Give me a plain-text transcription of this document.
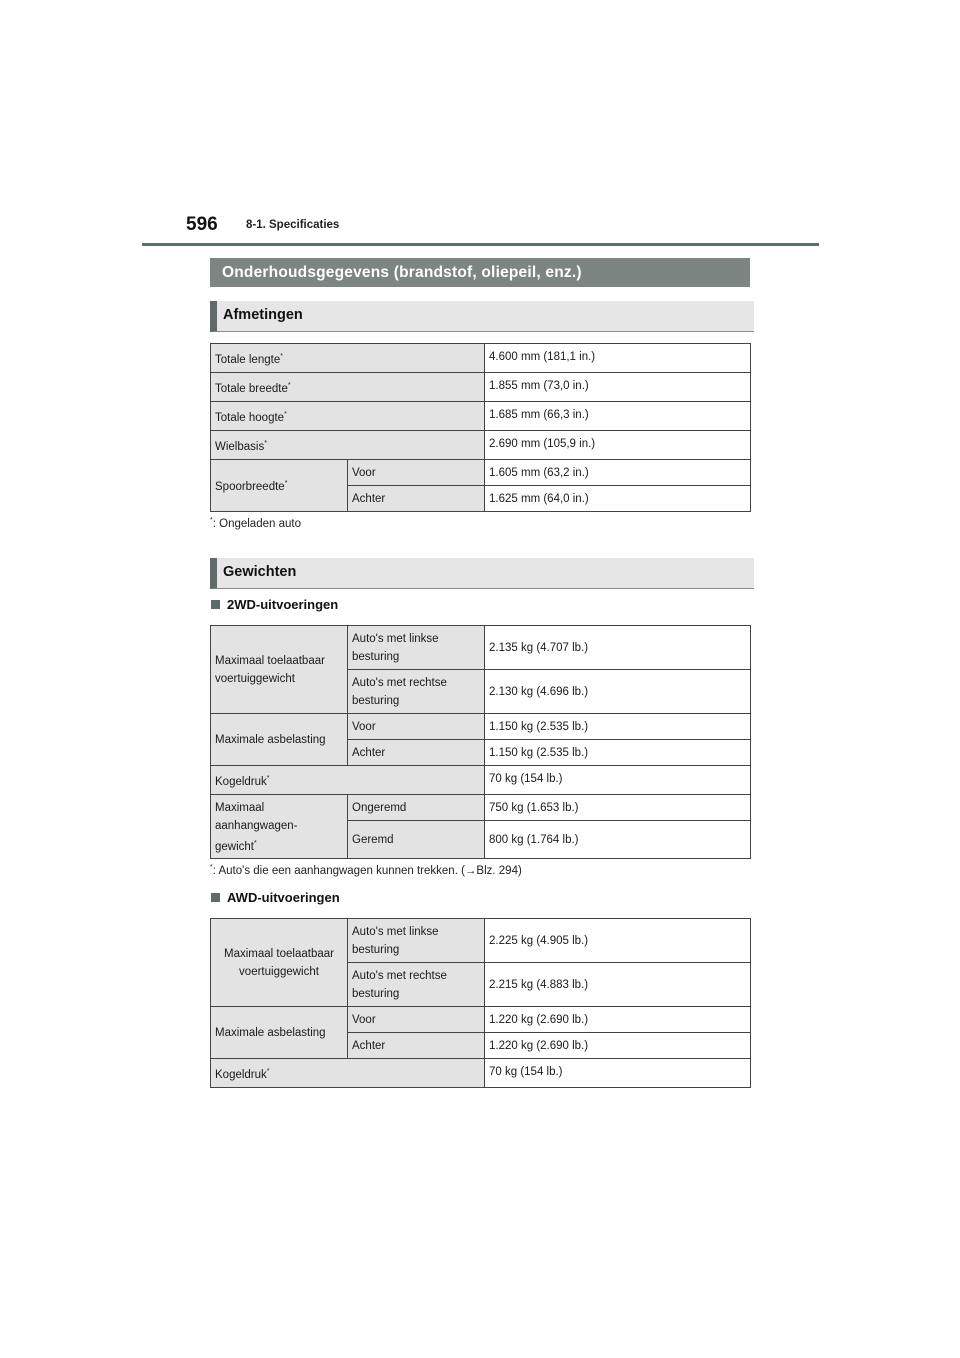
596 8-1. Specificaties
Onderhoudsgegevens (brandstof, oliepeil, enz.)
Afmetingen
Totale lengte*		4.600 mm (181,1 in.)
Totale breedte*		1.855 mm (73,0 in.)
Totale hoogte*		1.685 mm (66,3 in.)
Wielbasis*		2.690 mm (105,9 in.)
Spoorbreedte*	Voor	1.605 mm (63,2 in.)
	Achter	1.625 mm (64,0 in.)
*: Ongeladen auto
Gewichten
2WD-uitvoeringen
Maximaal toelaatbaar voertuiggewicht	Auto's met linkse besturing	2.135 kg (4.707 lb.)
	Auto's met rechtse besturing	2.130 kg (4.696 lb.)
Maximale asbelasting	Voor	1.150 kg (2.535 lb.)
	Achter	1.150 kg (2.535 lb.)
Kogeldruk*		70 kg (154 lb.)
Maximaal
aanhangwagen-
gewicht*	Ongeremd	750 kg (1.653 lb.)
	Geremd	800 kg (1.764 lb.)
*: Auto's die een aanhangwagen kunnen trekken. (→Blz. 294)
AWD-uitvoeringen
Maximaal toelaatbaar voertuiggewicht	Auto's met linkse besturing	2.225 kg (4.905 lb.)
	Auto's met rechtse besturing	2.215 kg (4.883 lb.)
Maximale asbelasting	Voor	1.220 kg (2.690 lb.)
	Achter	1.220 kg (2.690 lb.)
Kogeldruk*		70 kg (154 lb.)
